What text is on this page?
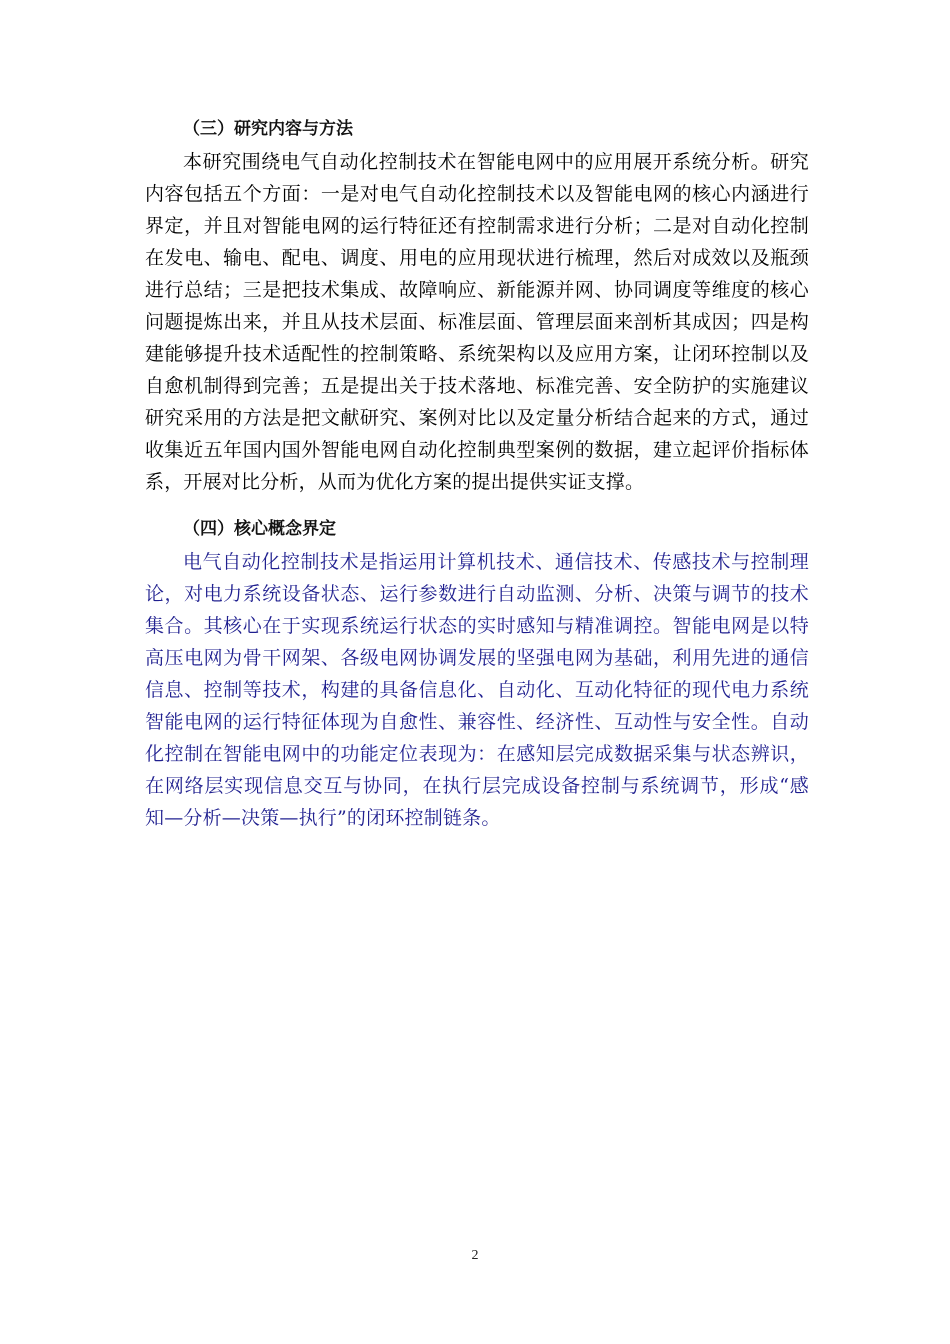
（三）研究内容与方法
本研究围绕电气自动化控制技术在智能电网中的应用展开系统分析。研究
内容包括五个方面：一是对电气自动化控制技术以及智能电网的核心内涵进行
界定，并且对智能电网的运行特征还有控制需求进行分析；二是对自动化控制
在发电、输电、配电、调度、用电的应用现状进行梳理，然后对成效以及瓶颈
进行总结；三是把技术集成、故障响应、新能源并网、协同调度等维度的核心
问题提炼出来，并且从技术层面、标准层面、管理层面来剖析其成因；四是构
建能够提升技术适配性的控制策略、系统架构以及应用方案，让闭环控制以及
自愈机制得到完善；五是提出关于技术落地、标准完善、安全防护的实施建议
研究采用的方法是把文献研究、案例对比以及定量分析结合起来的方式，通过
收集近五年国内国外智能电网自动化控制典型案例的数据，建立起评价指标体
系，开展对比分析，从而为优化方案的提出提供实证支撑。
（四）核心概念界定
电气自动化控制技术是指运用计算机技术、通信技术、传感技术与控制理
论，对电力系统设备状态、运行参数进行自动监测、分析、决策与调节的技术
集合。其核心在于实现系统运行状态的实时感知与精准调控。智能电网是以特
高压电网为骨干网架、各级电网协调发展的坚强电网为基础，利用先进的通信
信息、控制等技术，构建的具备信息化、自动化、互动化特征的现代电力系统
智能电网的运行特征体现为自愈性、兼容性、经济性、互动性与安全性。自动
化控制在智能电网中的功能定位表现为：在感知层完成数据采集与状态辨识，
在网络层实现信息交互与协同，在执行层完成设备控制与系统调节，形成“感
知—分析—决策—执行”的闭环控制链条。
2
